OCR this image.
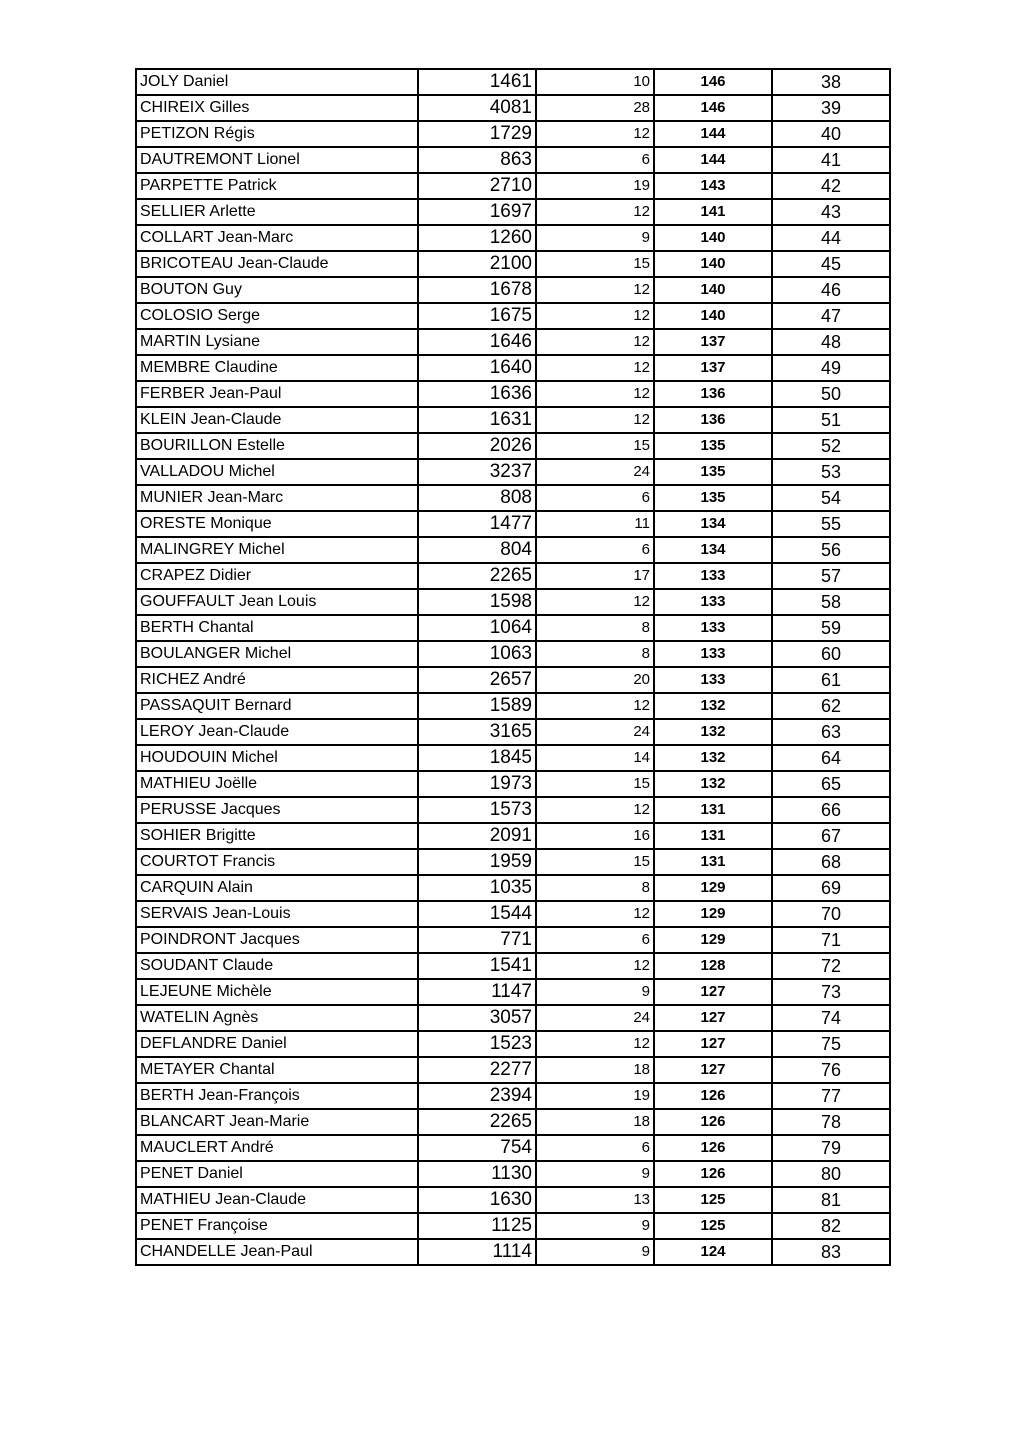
JOLY Daniel	1461	10	146	38
CHIREIX Gilles	4081	28	146	39
PETIZON Régis	1729	12	144	40
DAUTREMONT Lionel	863	6	144	41
PARPETTE Patrick	2710	19	143	42
SELLIER Arlette	1697	12	141	43
COLLART Jean-Marc	1260	9	140	44
BRICOTEAU Jean-Claude	2100	15	140	45
BOUTON Guy	1678	12	140	46
COLOSIO Serge	1675	12	140	47
MARTIN Lysiane	1646	12	137	48
MEMBRE Claudine	1640	12	137	49
FERBER Jean-Paul	1636	12	136	50
KLEIN Jean-Claude	1631	12	136	51
BOURILLON Estelle	2026	15	135	52
VALLADOU Michel	3237	24	135	53
MUNIER Jean-Marc	808	6	135	54
ORESTE Monique	1477	11	134	55
MALINGREY Michel	804	6	134	56
CRAPEZ Didier	2265	17	133	57
GOUFFAULT Jean Louis	1598	12	133	58
BERTH Chantal	1064	8	133	59
BOULANGER Michel	1063	8	133	60
RICHEZ André	2657	20	133	61
PASSAQUIT Bernard	1589	12	132	62
LEROY Jean-Claude	3165	24	132	63
HOUDOUIN Michel	1845	14	132	64
MATHIEU Joëlle	1973	15	132	65
PERUSSE Jacques	1573	12	131	66
SOHIER Brigitte	2091	16	131	67
COURTOT Francis	1959	15	131	68
CARQUIN Alain	1035	8	129	69
SERVAIS Jean-Louis	1544	12	129	70
POINDRONT Jacques	771	6	129	71
SOUDANT Claude	1541	12	128	72
LEJEUNE Michèle	1147	9	127	73
WATELIN Agnès	3057	24	127	74
DEFLANDRE Daniel	1523	12	127	75
METAYER Chantal	2277	18	127	76
BERTH Jean-François	2394	19	126	77
BLANCART Jean-Marie	2265	18	126	78
MAUCLERT André	754	6	126	79
PENET Daniel	1130	9	126	80
MATHIEU Jean-Claude	1630	13	125	81
PENET Françoise	1125	9	125	82
CHANDELLE Jean-Paul	1114	9	124	83
